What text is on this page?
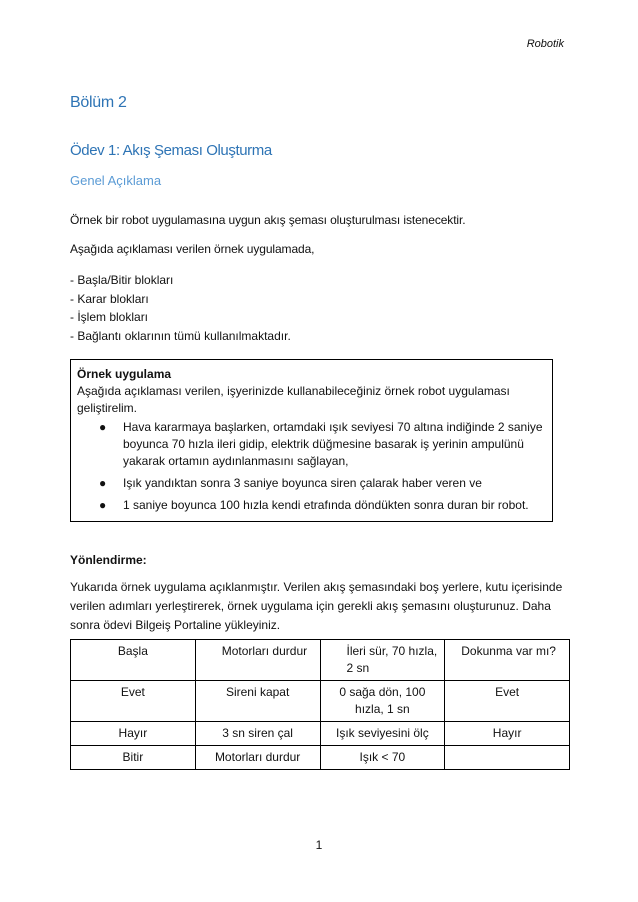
Robotik
Bölüm 2
Ödev 1: Akış Şeması Oluşturma
Genel Açıklama
Örnek bir robot uygulamasına uygun akış şeması oluşturulması istenecektir.
Aşağıda açıklaması verilen örnek uygulamada,
- Başla/Bitir blokları
- Karar blokları
- İşlem blokları
- Bağlantı oklarının tümü kullanılmaktadır.
Örnek uygulama
Aşağıda açıklaması verilen, işyerinizde kullanabileceğiniz örnek robot uygulaması geliştirelim.
● Hava kararmaya başlarken, ortamdaki ışık seviyesi 70 altına indiğinde 2 saniye boyunca 70 hızla ileri gidip, elektrik düğmesine basarak iş yerinin ampulünü yakarak ortamın aydınlanmasını sağlayan,
● Işık yandıktan sonra 3 saniye boyunca siren çalarak haber veren ve
● 1 saniye boyunca 100 hızla kendi etrafında döndükten sonra duran bir robot.
Yönlendirme:
Yukarıda örnek uygulama açıklanmıştır. Verilen akış şemasındaki boş yerlere, kutu içerisinde verilen adımları yerleştirerek, örnek uygulama için gerekli akış şemasını oluşturunuz. Daha sonra ödevi Bilgeiş Portaline yükleyiniz.
Başla	Motorları durdur	İleri sür, 70 hızla, 2 sn	Dokunma var mı?
Evet	Sireni kapat	0 sağa dön, 100 hızla, 1 sn	Evet
Hayır	3 sn siren çal	Işık seviyesini ölç	Hayır
Bitir	Motorları durdur	Işık < 70	
1
